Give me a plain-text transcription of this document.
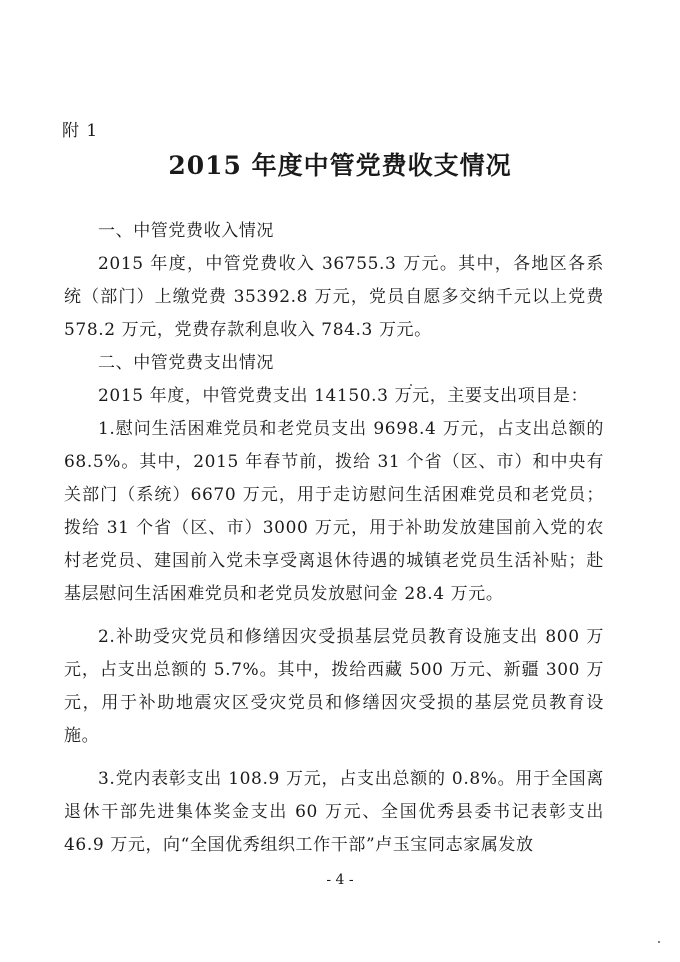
附 1
2015 年度中管党费收支情况

一、中管党费收入情况

2015 年度，中管党费收入 36755.3 万元。其中，各地区各系统（部门）上缴党费 35392.8 万元，党员自愿多交纳千元以上党费 578.2 万元，党费存款利息收入 784.3 万元。

二、中管党费支出情况

2015 年度，中管党费支出 14150.3 万元，主要支出项目是：

1.慰问生活困难党员和老党员支出 9698.4 万元，占支出总额的 68.5%。其中，2015 年春节前，拨给 31 个省（区、市）和中央有关部门（系统）6670 万元，用于走访慰问生活困难党员和老党员；拨给 31 个省（区、市）3000 万元，用于补助发放建国前入党的农村老党员、建国前入党未享受离退休待遇的城镇老党员生活补贴；赴基层慰问生活困难党员和老党员发放慰问金 28.4 万元。

2.补助受灾党员和修缮因灾受损基层党员教育设施支出 800 万元，占支出总额的 5.7%。其中，拨给西藏 500 万元、新疆 300 万元，用于补助地震灾区受灾党员和修缮因灾受损的基层党员教育设施。

3.党内表彰支出 108.9 万元，占支出总额的 0.8%。用于全国离退休干部先进集体奖金支出 60 万元、全国优秀县委书记表彰支出 46.9 万元，向“全国优秀组织工作干部”卢玉宝同志家属发放

- 4 -
